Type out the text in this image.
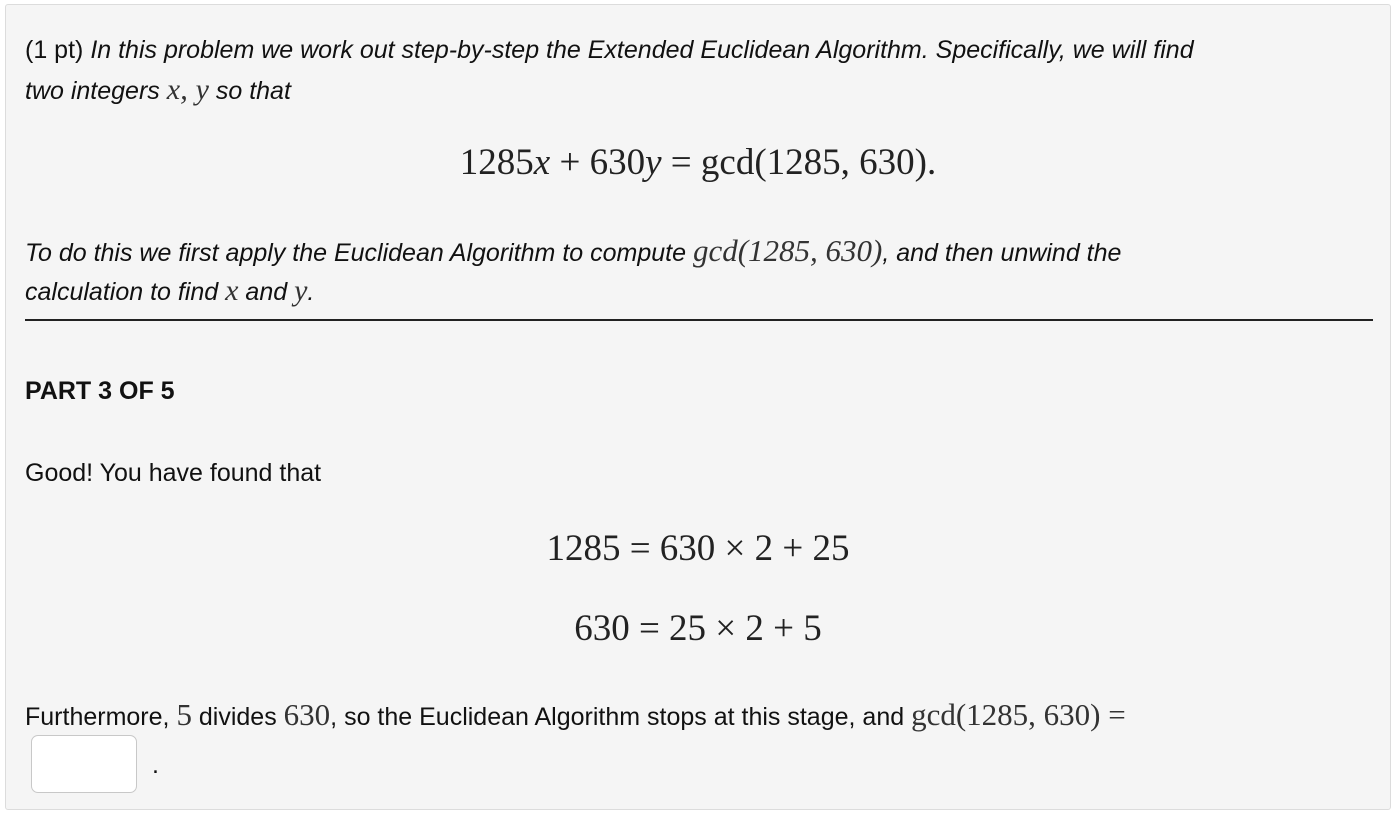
(1 pt) In this problem we work out step-by-step the Extended Euclidean Algorithm. Specifically, we will find
two integers x, y so that
1285x + 630y = gcd(1285, 630).
To do this we first apply the Euclidean Algorithm to compute gcd(1285, 630), and then unwind the
calculation to find x and y.
PART 3 OF 5
Good! You have found that
1285 = 630 × 2 + 25
630 = 25 × 2 + 5
Furthermore, 5 divides 630, so the Euclidean Algorithm stops at this stage, and gcd(1285, 630) =
.
